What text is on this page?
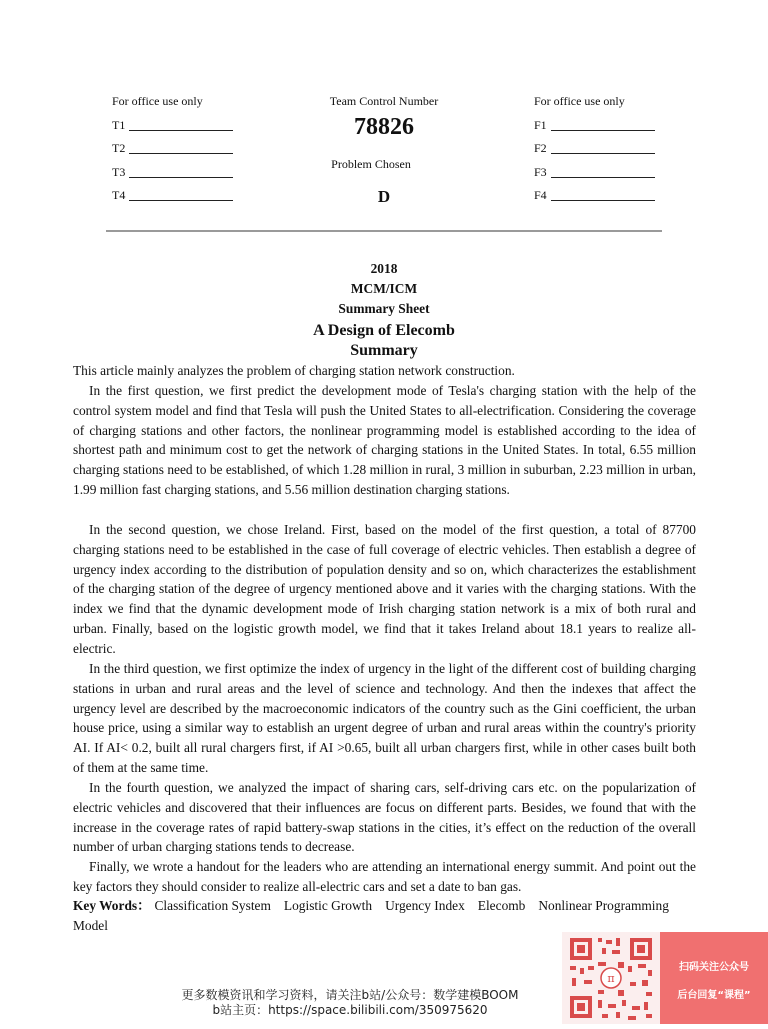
For office use only
T1
T2
T3
T4
Team Control Number
78826
Problem Chosen
D
For office use only
F1
F2
F3
F4
2018
MCM/ICM
Summary Sheet
A Design of Elecomb
Summary

This article mainly analyzes the problem of charging station network construction.

In the first question, we first predict the development mode of Tesla's charging station with the help of the control system model and find that Tesla will push the United States to all-electrification. Considering the coverage of charging stations and other factors, the nonlinear programming model is established according to the idea of shortest path and minimum cost to get the network of charging stations in the United States. In total, 6.55 million charging stations need to be established, of which 1.28 million in rural, 3 million in suburban, 2.23 million in urban, 1.99 million fast charging stations, and 5.56 million destination charging stations.

In the second question, we chose Ireland. First, based on the model of the first question, a total of 87700 charging stations need to be established in the case of full coverage of electric vehicles. Then establish a degree of urgency index according to the distribution of population density and so on, which characterizes the establishment of the charging station of the degree of urgency mentioned above and it varies with the charging stations. With the index we find that the dynamic development mode of Irish charging station network is a mix of both rural and urban. Finally, based on the logistic growth model, we find that it takes Ireland about 18.1 years to realize all-electric.

In the third question, we first optimize the index of urgency in the light of the different cost of building charging stations in urban and rural areas and the level of science and technology. And then the indexes that affect the urgency level are described by the macroeconomic indicators of the country such as the Gini coefficient, the urban house price, using a similar way to establish an urgent degree of urban and rural areas within the country's priority AI. If AI< 0.2, built all rural chargers first, if AI >0.65, built all urban chargers first, while in other cases built both of them at the same time.

In the fourth question, we analyzed the impact of sharing cars, self-driving cars etc. on the popularization of electric vehicles and discovered that their influences are focus on different parts. Besides, we found that with the increase in the coverage rates of rapid battery-swap stations in the cities, it’s effect on the reduction of the overall number of urban charging stations tends to decrease.

Finally, we wrote a handout for the leaders who are attending an international energy summit. And point out the key factors they should consider to realize all-electric cars and set a date to ban gas.

Key Words： Classification System Logistic Growth Urgency Index Elecomb Nonlinear Programming Model
更多数模资讯和学习资料，请关注b站/公众号：数学建模BOOM
b站主页：https://space.bilibili.com/350975620
π
扫码关注公众号
后台回复“课程”
